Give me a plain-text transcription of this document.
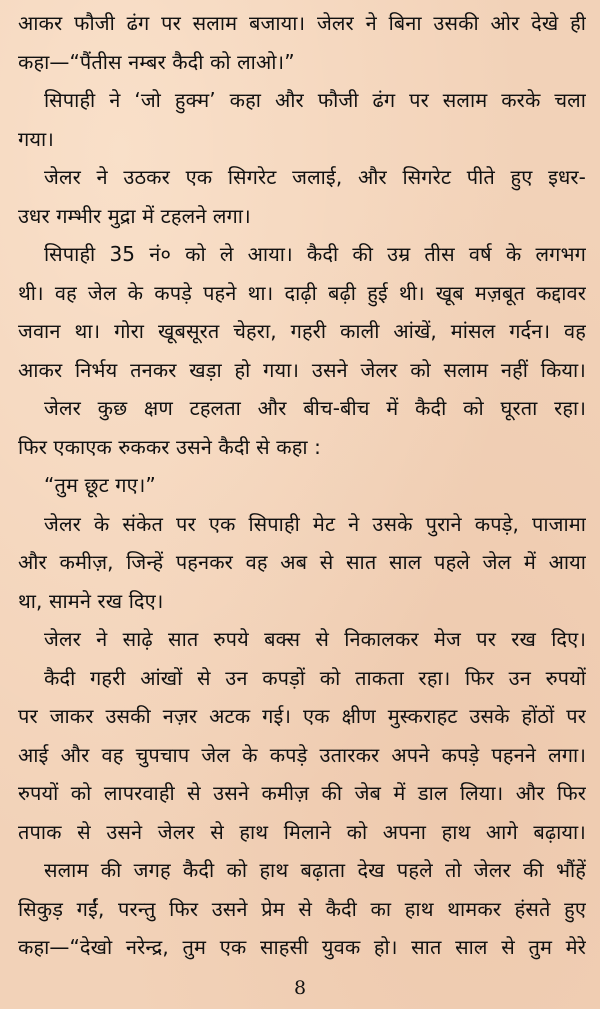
आकर फौजी ढंग पर सलाम बजाया। जेलर ने बिना उसकी ओर देखे ही
कहा—“पैंतीस नम्बर कैदी को लाओ।”
सिपाही ने ‘जो हुक्म’ कहा और फौजी ढंग पर सलाम करके चला
गया।
जेलर ने उठकर एक सिगरेट जलाई, और सिगरेट पीते हुए इधर-
उधर गम्भीर मुद्रा में टहलने लगा।
सिपाही 35 नं० को ले आया। कैदी की उम्र तीस वर्ष के लगभग
थी। वह जेल के कपड़े पहने था। दाढ़ी बढ़ी हुई थी। खूब मज़बूत कद्दावर
जवान था। गोरा खूबसूरत चेहरा, गहरी काली आंखें, मांसल गर्दन। वह
आकर निर्भय तनकर खड़ा हो गया। उसने जेलर को सलाम नहीं किया।
जेलर कुछ क्षण टहलता और बीच-बीच में कैदी को घूरता रहा।
फिर एकाएक रुककर उसने कैदी से कहा :
“तुम छूट गए।”
जेलर के संकेत पर एक सिपाही मेट ने उसके पुराने कपड़े, पाजामा
और कमीज़, जिन्हें पहनकर वह अब से सात साल पहले जेल में आया
था, सामने रख दिए।
जेलर ने साढ़े सात रुपये बक्स से निकालकर मेज पर रख दिए।
कैदी गहरी आंखों से उन कपड़ों को ताकता रहा। फिर उन रुपयों
पर जाकर उसकी नज़र अटक गई। एक क्षीण मुस्कराहट उसके होंठों पर
आई और वह चुपचाप जेल के कपड़े उतारकर अपने कपड़े पहनने लगा।
रुपयों को लापरवाही से उसने कमीज़ की जेब में डाल लिया। और फिर
तपाक से उसने जेलर से हाथ मिलाने को अपना हाथ आगे बढ़ाया।
सलाम की जगह कैदी को हाथ बढ़ाता देख पहले तो जेलर की भौंहें
सिकुड़ गईं, परन्तु फिर उसने प्रेम से कैदी का हाथ थामकर हंसते हुए
कहा—“देखो नरेन्द्र, तुम एक साहसी युवक हो। सात साल से तुम मेरे
8
